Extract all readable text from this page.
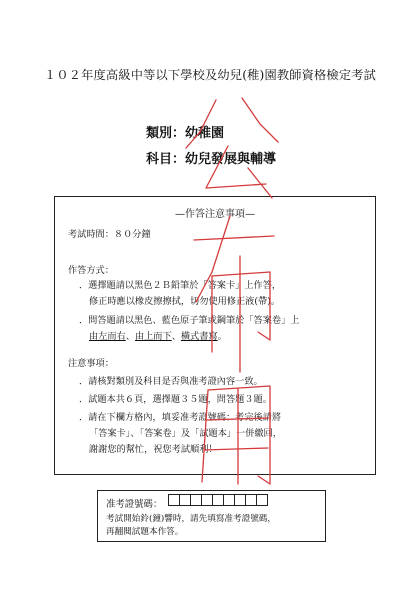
１０２年度高級中等以下學校及幼兒(稚)園教師資格檢定考試
類別：幼稚園
科目：幼兒發展與輔導
—作答注意事項—
考試時間：８０分鐘
作答方式：
．選擇題請以黑色２Ｂ鉛筆於「答案卡」上作答，
修正時應以橡皮擦擦拭，切勿使用修正液(帶)。
．問答題請以黑色、藍色原子筆或鋼筆於「答案卷」上
由左而右、由上而下、橫式書寫。
注意事項：
．請核對類別及科目是否與准考證內容一致。
．試題本共６頁，選擇題３５題，問答題３題。
．請在下欄方格內，填妥准考證號碼；考完後請將
「答案卡」、「答案卷」及「試題本」一併繳回，
謝謝您的幫忙，祝您考試順利！
准考證號碼：
考試開始鈴(鐘)響時，請先填寫准考證號碼，
再翻閱試題本作答。
